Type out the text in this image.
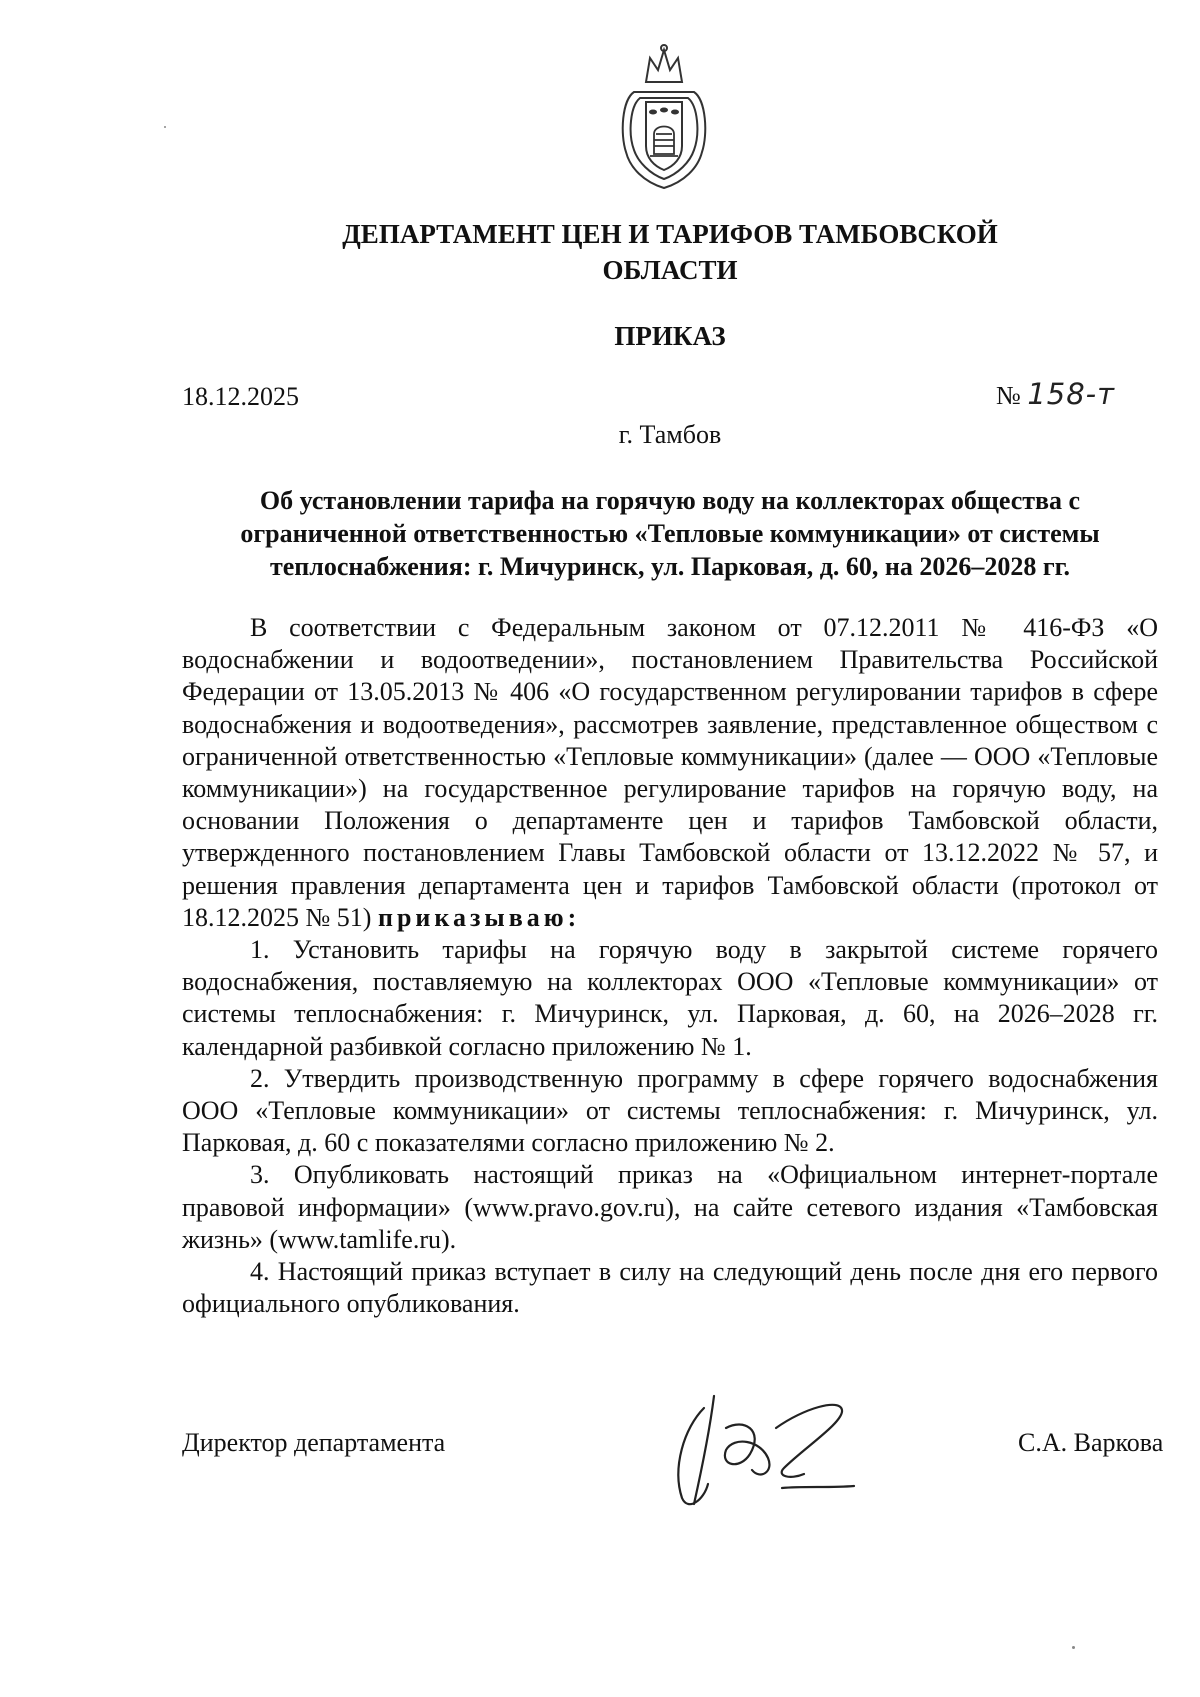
ДЕПАРТАМЕНТ ЦЕН И ТАРИФОВ ТАМБОВСКОЙ ОБЛАСТИ
ПРИКАЗ
18.12.2025	№ 158-т
г. Тамбов
Об установлении тарифа на горячую воду на коллекторах общества с ограниченной ответственностью «Тепловые коммуникации» от системы теплоснабжения: г. Мичуринск, ул. Парковая, д. 60, на 2026–2028 гг.

В соответствии с Федеральным законом от 07.12.2011 № 416-ФЗ «О водоснабжении и водоотведении», постановлением Правительства Российской Федерации от 13.05.2013 № 406 «О государственном регулировании тарифов в сфере водоснабжения и водоотведения», рассмотрев заявление, представленное обществом с ограниченной ответственностью «Тепловые коммуникации» (далее — ООО «Тепловые коммуникации») на государственное регулирование тарифов на горячую воду, на основании Положения о департаменте цен и тарифов Тамбовской области, утвержденного постановлением Главы Тамбовской области от 13.12.2022 № 57, и решения правления департамента цен и тарифов Тамбовской области (протокол от 18.12.2025 № 51) приказываю:

1. Установить тарифы на горячую воду в закрытой системе горячего водоснабжения, поставляемую на коллекторах ООО «Тепловые коммуникации» от системы теплоснабжения: г. Мичуринск, ул. Парковая, д. 60, на 2026–2028 гг. календарной разбивкой согласно приложению № 1.

2. Утвердить производственную программу в сфере горячего водоснабжения ООО «Тепловые коммуникации» от системы теплоснабжения: г. Мичуринск, ул. Парковая, д. 60 с показателями согласно приложению № 2.

3. Опубликовать настоящий приказ на «Официальном интернет-портале правовой информации» (www.pravo.gov.ru), на сайте сетевого издания «Тамбовская жизнь» (www.tamlife.ru).

4. Настоящий приказ вступает в силу на следующий день после дня его первого официального опубликования.

Директор департамента	С.А. Варкова
